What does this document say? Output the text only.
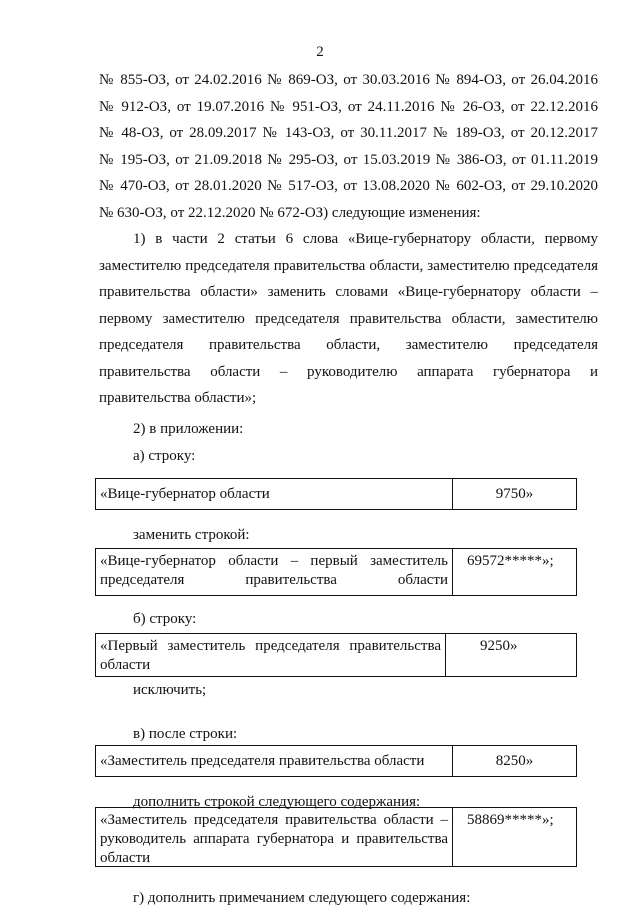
2
№ 855-ОЗ, от 24.02.2016 № 869-ОЗ, от 30.03.2016 № 894-ОЗ, от 26.04.2016
№ 912-ОЗ, от 19.07.2016 № 951-ОЗ, от 24.11.2016 № 26-ОЗ, от 22.12.2016
№ 48-ОЗ, от 28.09.2017 № 143-ОЗ, от 30.11.2017 № 189-ОЗ, от 20.12.2017
№ 195-ОЗ, от 21.09.2018 № 295-ОЗ, от 15.03.2019 № 386-ОЗ, от 01.11.2019
№ 470-ОЗ, от 28.01.2020 № 517-ОЗ, от 13.08.2020 № 602-ОЗ, от 29.10.2020
№ 630-ОЗ, от 22.12.2020 № 672-ОЗ) следующие изменения:
1) в части 2 статьи 6 слова «Вице-губернатору области, первому
заместителю председателя правительства области, заместителю председателя
правительства области» заменить словами «Вице-губернатору области –
первому заместителю председателя правительства области, заместителю
председателя правительства области, заместителю председателя
правительства области – руководителю аппарата губернатора и
правительства области»;
2) в приложении:
а) строку:
«Вице-губернатор области	9750»
заменить строкой:
«Вице-губернатор области – первый заместитель председателя правительства области
69572*****»;
б) строку:
«Первый заместитель председателя правительства области
9250»
исключить;
в) после строки:
«Заместитель председателя правительства области	8250»
дополнить строкой следующего содержания:
«Заместитель председателя правительства области – руководитель аппарата губернатора и правительства области
58869*****»;
г) дополнить примечанием следующего содержания:
